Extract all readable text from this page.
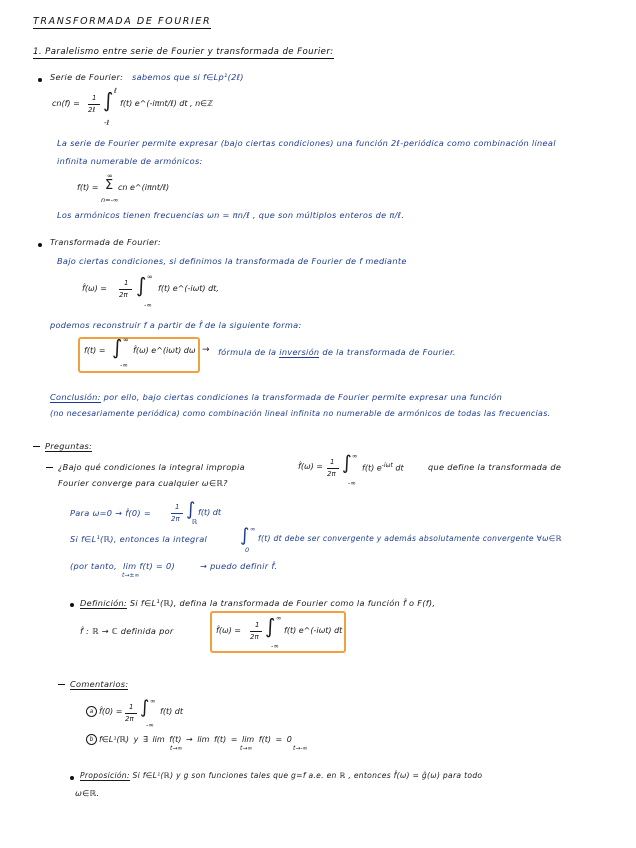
TRANSFORMADA DE FOURIER
1. Paralelismo entre serie de Fourier y transformada de Fourier:
Serie de Fourier: sabemos que si f∈Lp¹(2ℓ)
cn(f) =
1
2ℓ ∫ ℓ
-ℓ
f(t) e^(-iπnt/ℓ) dt , n∈ℤ
La serie de Fourier permite expresar (bajo ciertas condiciones) una función 2ℓ-periódica como combinación lineal
infinita numerable de armónicos:
f(t) =
∞
Σ
n=-∞
cn e^(iπnt/ℓ)
Los armónicos tienen frecuencias ωn = πn/ℓ , que son múltiplos enteros de π/ℓ.
Transformada de Fourier:
Bajo ciertas condiciones, si definimos la transformada de Fourier de f mediante
f̂(ω) =
1
2π ∫ ∞
-∞
f(t) e^(-iωt) dt,
podemos reconstruir f a partir de f̂ de la siguiente forma:
f(t) = ∫ ∞
-∞
f̂(ω) e^(iωt) dω → fórmula de la inversión de la transformada de Fourier.
Conclusión: por ello, bajo ciertas condiciones la transformada de Fourier permite expresar una función
(no necesariamente periódica) como combinación lineal infinita no numerable de armónicos de todas las frecuencias.
Preguntas:
¿Bajo qué condiciones la integral impropia	f̂(ω) = 1
2π ∫ ∞
-∞
f(t) $e^{-i\omega t}$ dt	que define la transformada de
Fourier converge para cualquier ω∈ℝ?
Para ω=0 → f̂(0) =
1
2π ∫
ℝ
f(t) dt
Si f∈L¹(ℝ), entonces la integral ∫ ∞
0
f(t) dt debe ser convergente y además absolutamente convergente ∀ω∈ℝ
(por tanto, lim f(t) = 0)
t→±∞
→ puedo definir f̂.
Definición: Si f∈L¹(ℝ), defina la transformada de Fourier como la función f̂ o F(f),
f̂ : ℝ → ℂ definida por	f̂(ω) =
1
2π ∫ ∞
-∞
f(t) e^(-iωt) dt
Comentarios:
a f̂(0) = 1
2π
∫ ∞
-∞
f(t) dt
b f∈L¹(ℝ) y ∃ lim f(t) → lim f(t) = lim f(t) = 0
t→∞	t→∞	t→-∞
Proposición: Si f∈L¹(ℝ) y g son funciones tales que g=f a.e. en ℝ , entonces f̂(ω) = ĝ(ω) para todo
ω∈ℝ.
